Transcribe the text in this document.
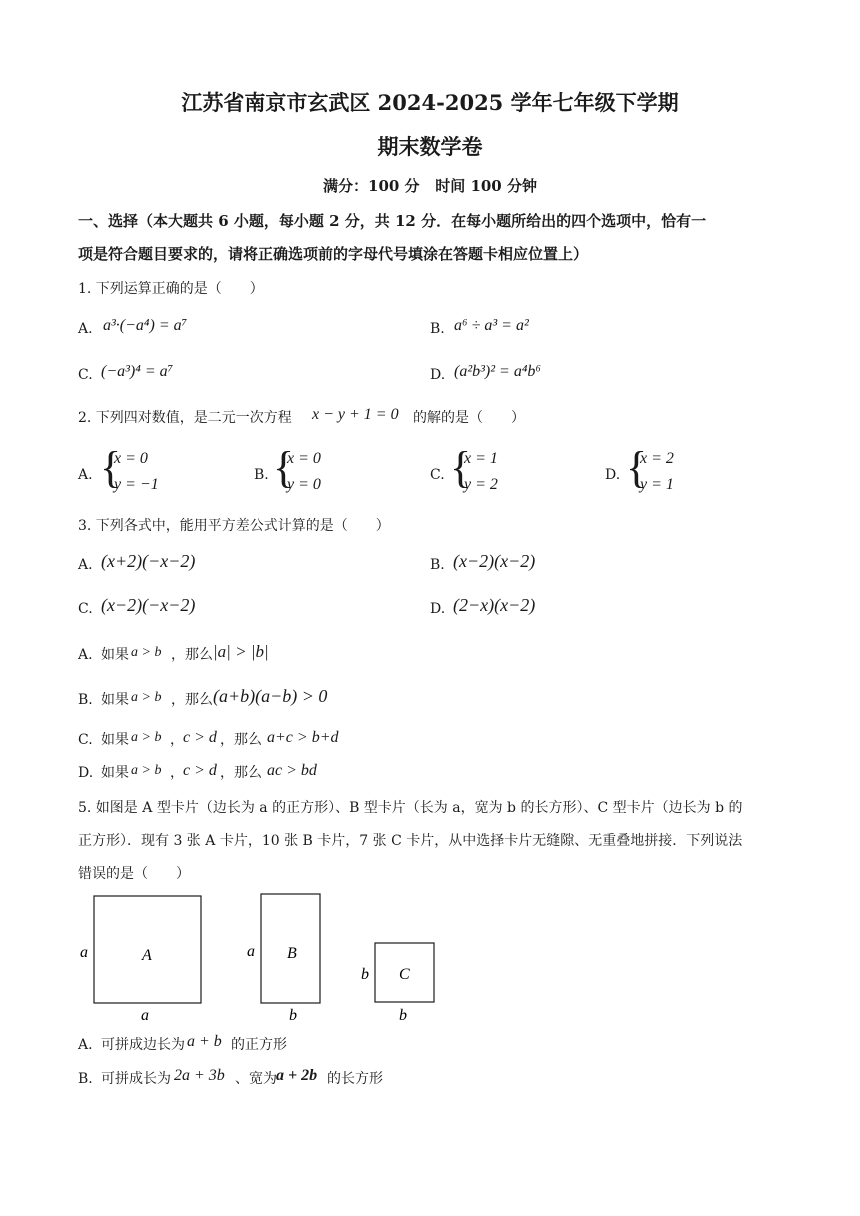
江苏省南京市玄武区 2024-2025 学年七年级下学期
期末数学卷
满分：100 分   时间 100 分钟
一、选择（本大题共 6 小题，每小题 2 分，共 12 分．在每小题所给出的四个选项中，恰有一
项是符合题目要求的，请将正确选项前的字母代号填涂在答题卡相应位置上）
1. 下列运算正确的是（　　）
A. a³·(−a⁴) = a⁷	B. a⁶ ÷ a³ = a²
C. (−a³)⁴ = a⁷	D. (a²b³)² = a⁴b⁶
2. 下列四对数值，是二元一次方程 x − y + 1 = 0 的解的是（　　）
A. {
x = 0
y = −1
B. {
x = 0
y = 0
C. {
x = 1
y = 2
D. {
x = 2
y = 1
3. 下列各式中，能用平方差公式计算的是（　　）
A. (x+2)(−x−2)	B. (x−2)(x−2)
C. (x−2)(−x−2)	D. (2−x)(x−2)
A. 如果 a > b ，那么 |a| > |b|
B. 如果 a > b ，那么 (a+b)(a−b) > 0
C. 如果 a > b ， c > d ，那么 a+c > b+d
D. 如果 a > b ， c > d ，那么 ac > bd
5. 如图是 A 型卡片（边长为 a 的正方形）、B 型卡片（长为 a，宽为 b 的长方形）、C 型卡片（边长为 b 的
正方形）．现有 3 张 A 卡片，10 张 B 卡片，7 张 C 卡片，从中选择卡片无缝隙、无重叠地拼接．下列说法
错误的是（　　）
a
a
A	a
b
B
b
b
C
A. 可拼成边长为 a + b 的正方形
B. 可拼成长为 2a + 3b 、宽为 a + 2b 的长方形
